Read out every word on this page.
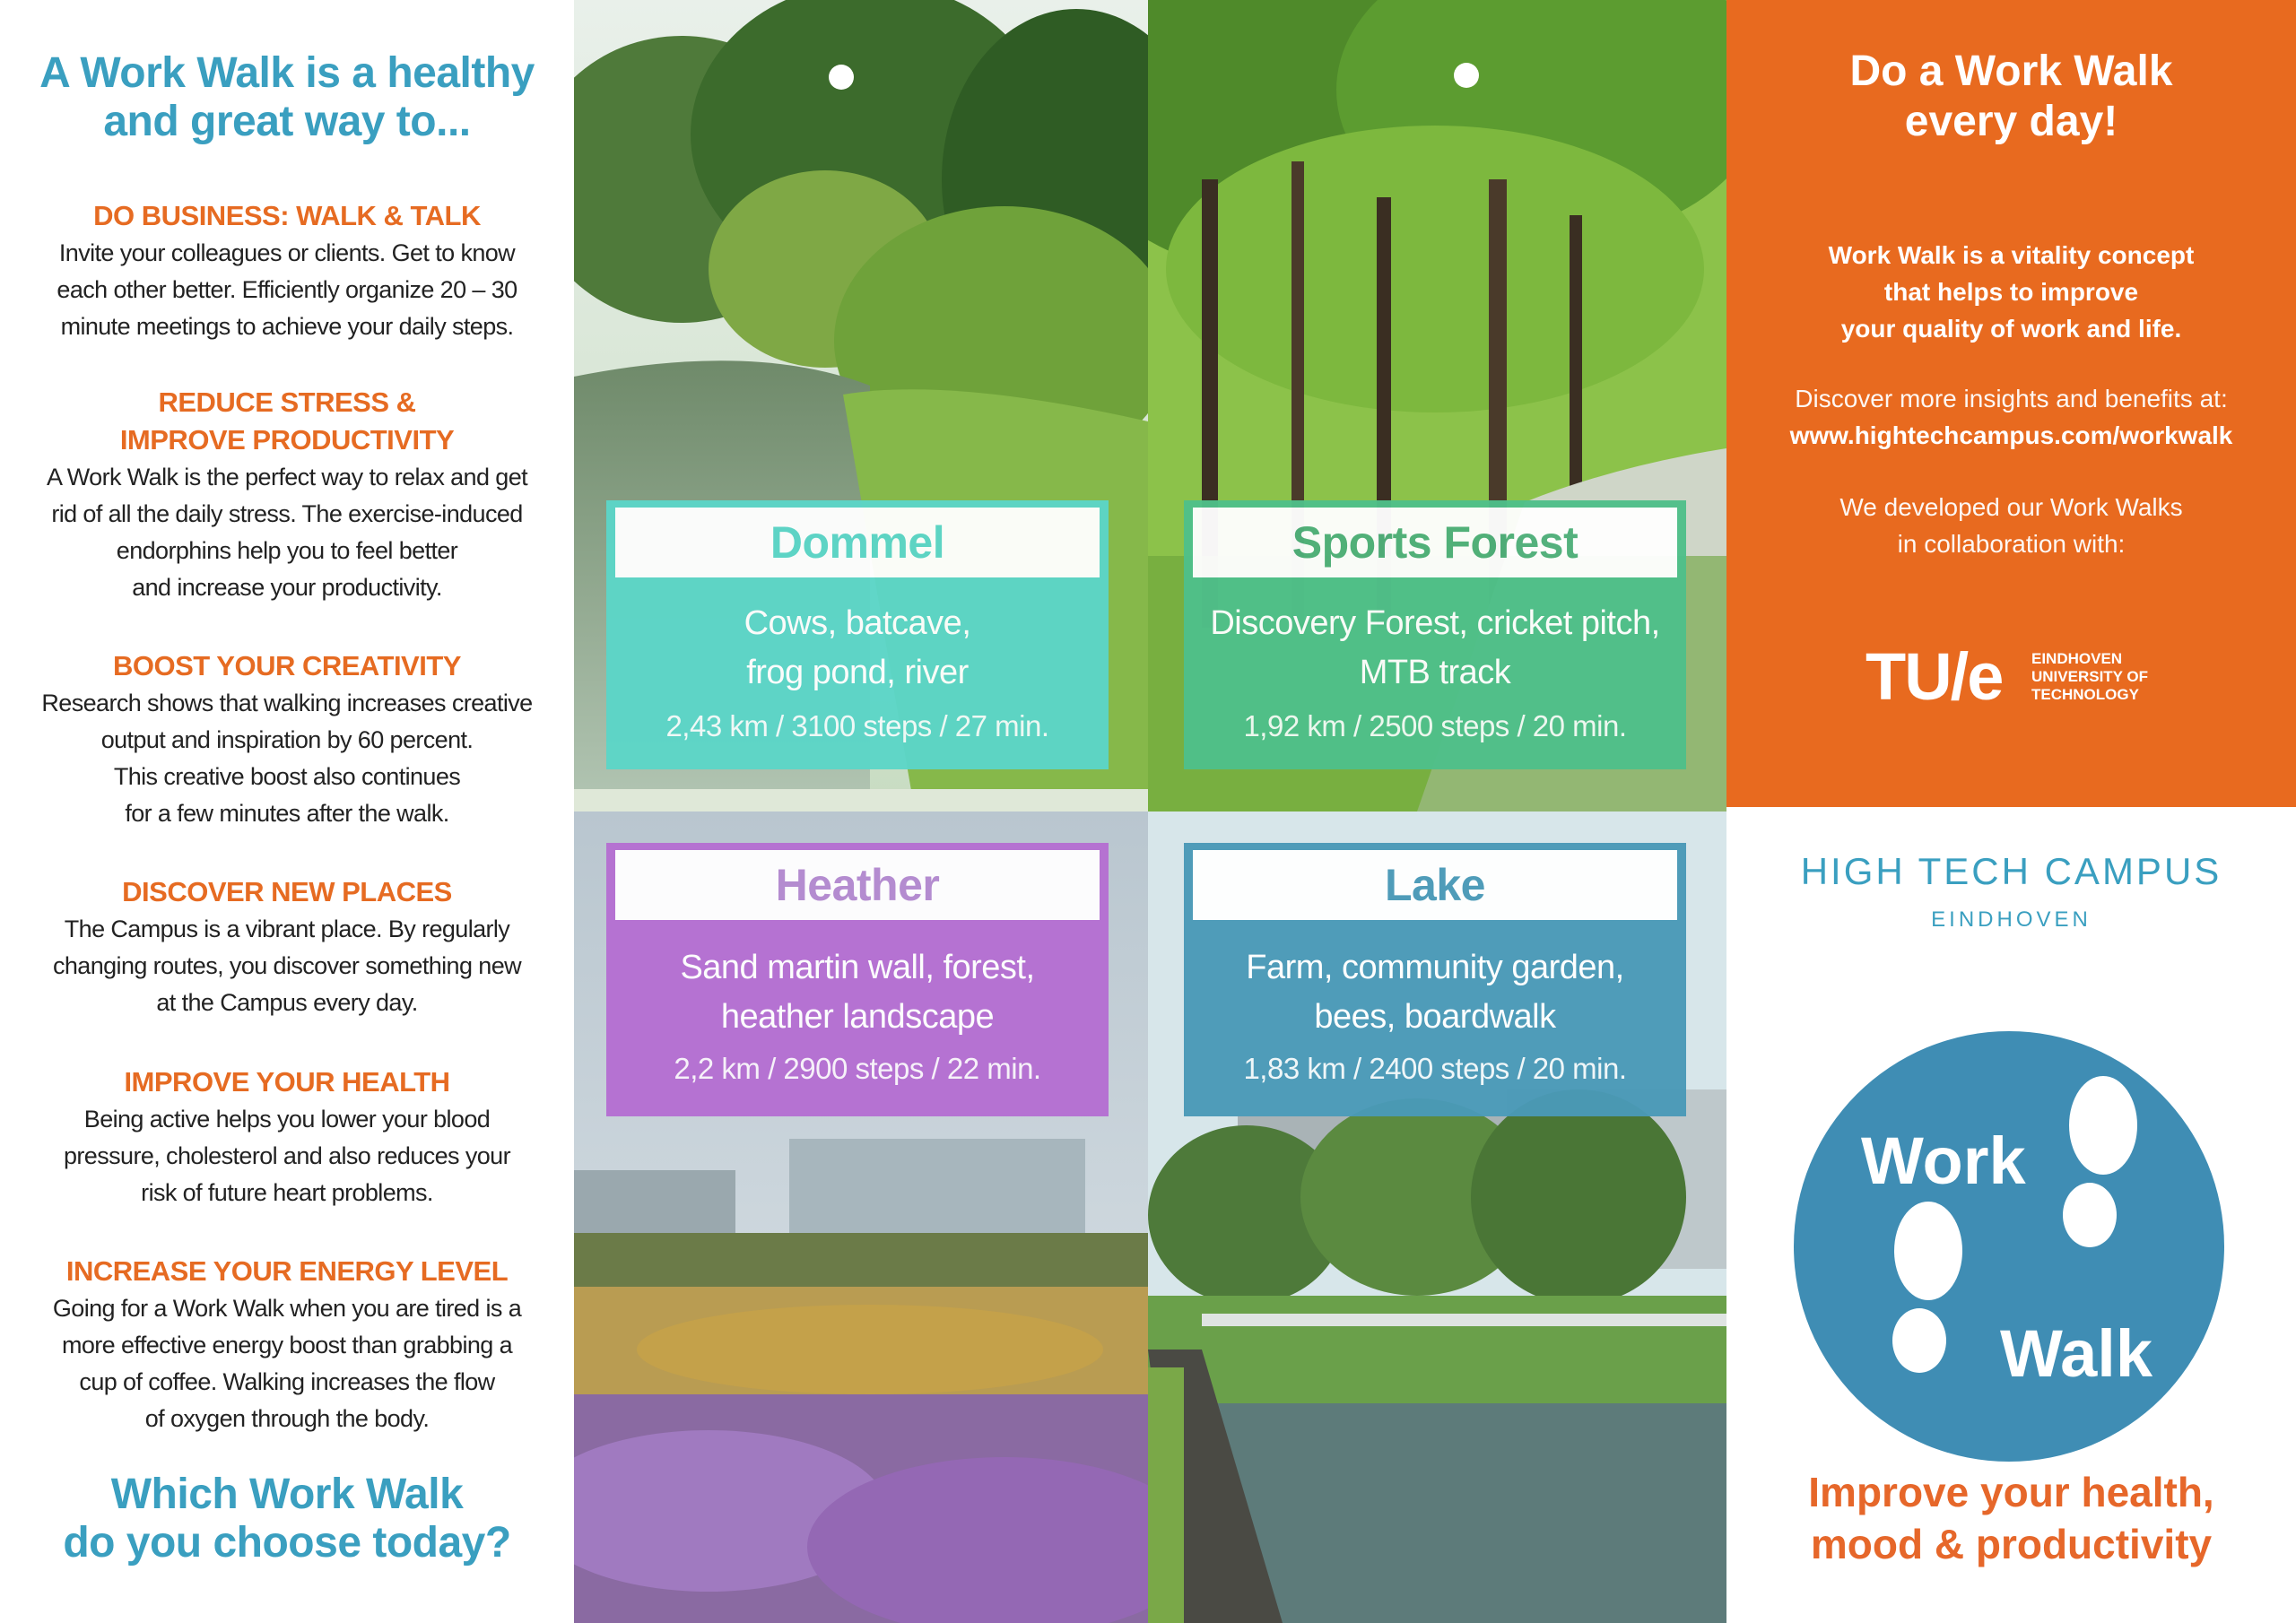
A Work Walk is a healthy
and great way to...
DO BUSINESS: WALK & TALK
Invite your colleagues or clients. Get to know
each other better. Efficiently organize 20 – 30
minute meetings to achieve your daily steps.
REDUCE STRESS &
IMPROVE PRODUCTIVITY
A Work Walk is the perfect way to relax and get
rid of all the daily stress. The exercise-induced
endorphins help you to feel better
and increase your productivity.
BOOST YOUR CREATIVITY
Research shows that walking increases creative
output and inspiration by 60 percent.
This creative boost also continues
for a few minutes after the walk.
DISCOVER NEW PLACES
The Campus is a vibrant place. By regularly
changing routes, you discover something new
at the Campus every day.
IMPROVE YOUR HEALTH
Being active helps you lower your blood
pressure, cholesterol and also reduces your
risk of future heart problems.
INCREASE YOUR ENERGY LEVEL
Going for a Work Walk when you are tired is a
more effective energy boost than grabbing a
cup of coffee. Walking increases the flow
of oxygen through the body.
Which Work Walk
do you choose today?
Dommel
Cows, batcave,
frog pond, river
2,43 km / 3100 steps / 27 min.
Sports Forest
Discovery Forest, cricket pitch,
MTB track
1,92 km / 2500 steps / 20 min.
Heather
Sand martin wall, forest,
heather landscape
2,2 km / 2900 steps / 22 min.
Lake
Farm, community garden,
bees, boardwalk
1,83 km / 2400 steps / 20 min.
Do a Work Walk
every day!
Work Walk is a vitality concept
that helps to improve
your quality of work and life.
Discover more insights and benefits at:
www.hightechcampus.com/workwalk
We developed our Work Walks
in collaboration with:
TU/e EINDHOVEN
UNIVERSITY OF
TECHNOLOGY
HIGH TECH CAMPUS
EINDHOVEN
Work
Walk
Improve your health,
mood & productivity
